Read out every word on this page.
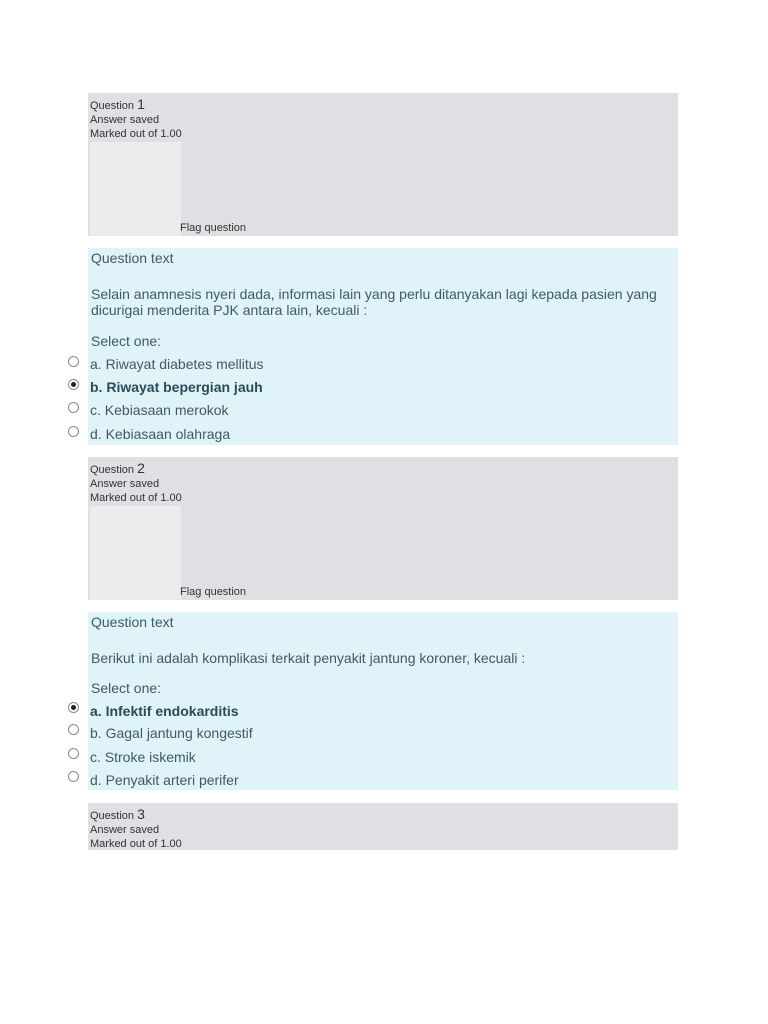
Question 1
Answer saved
Marked out of 1.00
Flag question
Question text
Selain anamnesis nyeri dada, informasi lain yang perlu ditanyakan lagi kepada pasien yang dicurigai menderita PJK antara lain, kecuali :
Select one:
a. Riwayat diabetes mellitus
b. Riwayat bepergian jauh
c. Kebiasaan merokok
d. Kebiasaan olahraga
Question 2
Answer saved
Marked out of 1.00
Flag question
Question text
Berikut ini adalah komplikasi terkait penyakit jantung koroner, kecuali :
Select one:
a. Infektif endokarditis
b. Gagal jantung kongestif
c. Stroke iskemik
d. Penyakit arteri perifer
Question 3
Answer saved
Marked out of 1.00
